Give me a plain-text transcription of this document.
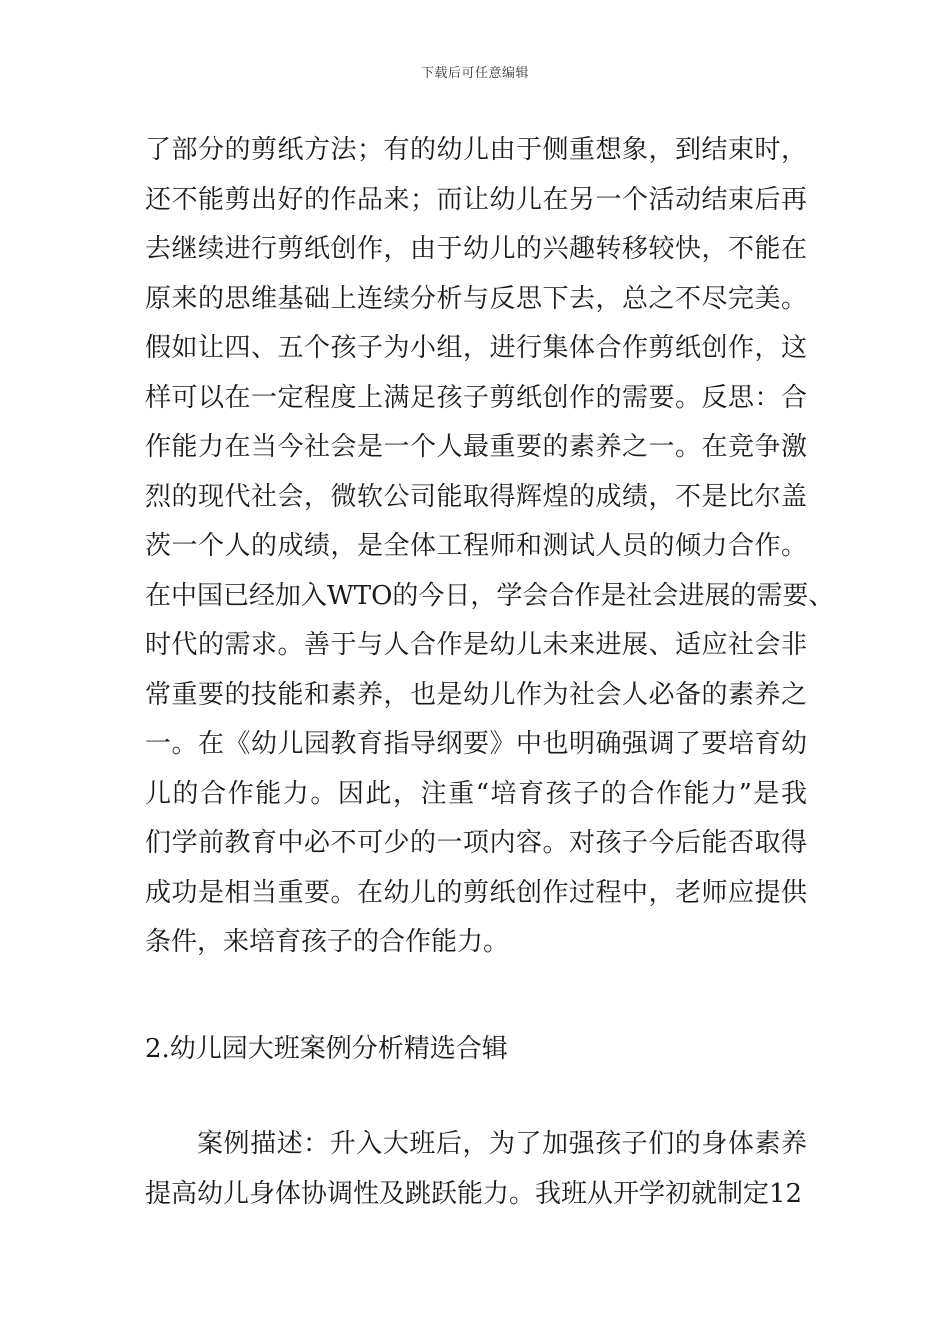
下载后可任意编辑
了部分的剪纸方法；有的幼儿由于侧重想象，到结束时，
还不能剪出好的作品来；而让幼儿在另一个活动结束后再
去继续进行剪纸创作，由于幼儿的兴趣转移较快，不能在
原来的思维基础上连续分析与反思下去，总之不尽完美。
假如让四、五个孩子为小组，进行集体合作剪纸创作，这
样可以在一定程度上满足孩子剪纸创作的需要。反思：合
作能力在当今社会是一个人最重要的素养之一。在竞争激
烈的现代社会，微软公司能取得辉煌的成绩，不是比尔盖
茨一个人的成绩，是全体工程师和测试人员的倾力合作。
在中国已经加入WTO的今日，学会合作是社会进展的需要、
时代的需求。善于与人合作是幼儿未来进展、适应社会非
常重要的技能和素养，也是幼儿作为社会人必备的素养之
一。在《幼儿园教育指导纲要》中也明确强调了要培育幼
儿的合作能力。因此，注重“培育孩子的合作能力”是我
们学前教育中必不可少的一项内容。对孩子今后能否取得
成功是相当重要。在幼儿的剪纸创作过程中，老师应提供
条件，来培育孩子的合作能力。
2.幼儿园大班案例分析精选合辑
案例描述：升入大班后，为了加强孩子们的身体素养
提高幼儿身体协调性及跳跃能力。我班从开学初就制定12
